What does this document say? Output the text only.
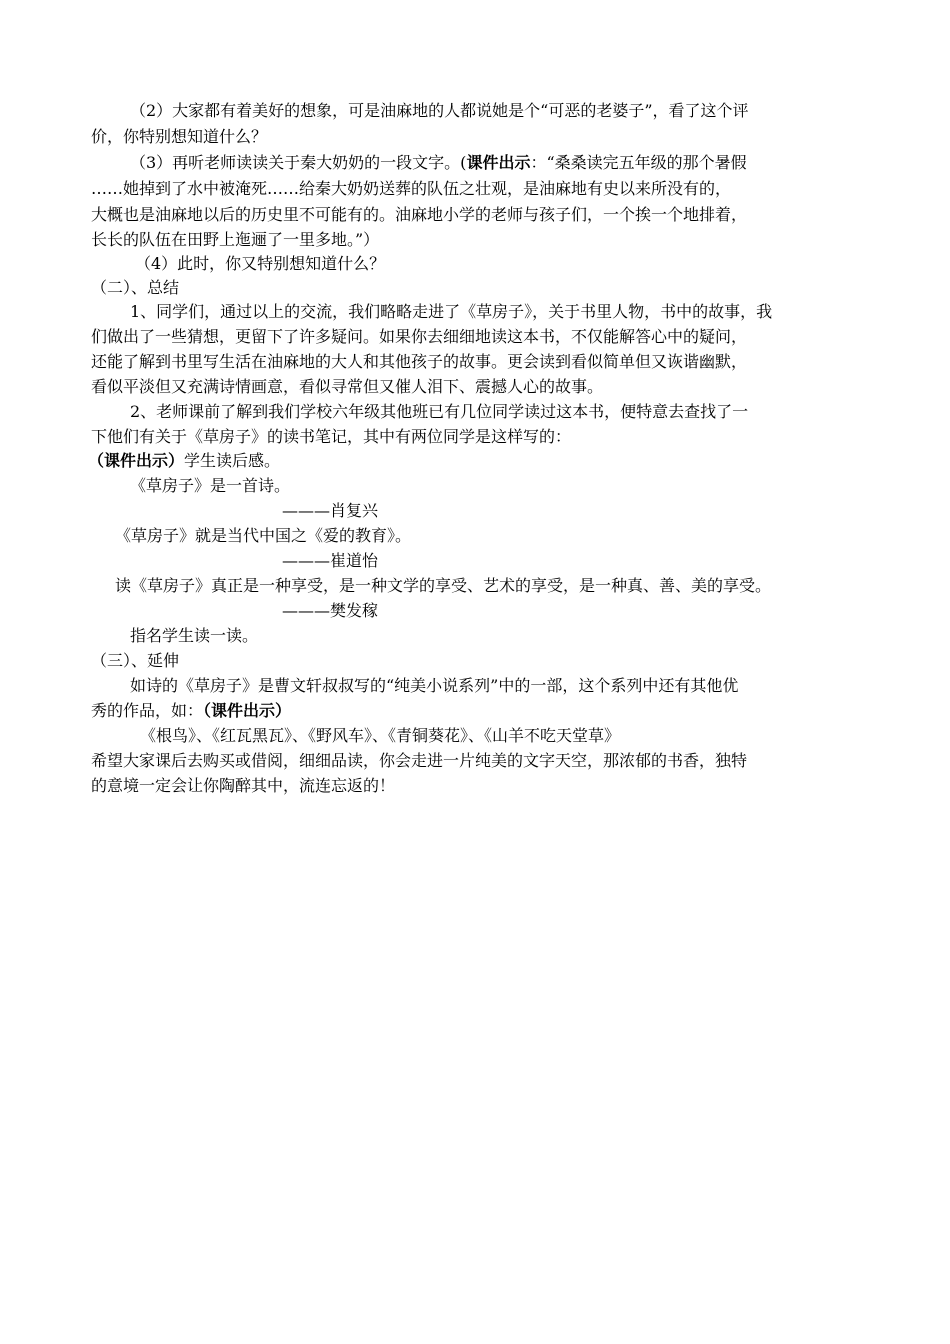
（2）大家都有着美好的想象，可是油麻地的人都说她是个“可恶的老婆子”，看了这个评
价，你特别想知道什么？
（3）再听老师读读关于秦大奶奶的一段文字。(课件出示：“桑桑读完五年级的那个暑假
……她掉到了水中被淹死……给秦大奶奶送葬的队伍之壮观，是油麻地有史以来所没有的，
大概也是油麻地以后的历史里不可能有的。油麻地小学的老师与孩子们，一个挨一个地排着，
长长的队伍在田野上迤逦了一里多地。”）
（4）此时，你又特别想知道什么？
（二）、总结
1、同学们，通过以上的交流，我们略略走进了《草房子》，关于书里人物，书中的故事，我
们做出了一些猜想，更留下了许多疑问。如果你去细细地读这本书，不仅能解答心中的疑问，
还能了解到书里写生活在油麻地的大人和其他孩子的故事。更会读到看似简单但又诙谐幽默，
看似平淡但又充满诗情画意，看似寻常但又催人泪下、震撼人心的故事。
2、老师课前了解到我们学校六年级其他班已有几位同学读过这本书，便特意去查找了一
下他们有关于《草房子》的读书笔记，其中有两位同学是这样写的：
（课件出示）学生读后感。
《草房子》是一首诗。
———肖复兴
《草房子》就是当代中国之《爱的教育》。
———崔道怡
读《草房子》真正是一种享受，是一种文学的享受、艺术的享受，是一种真、善、美的享受。
———樊发稼
指名学生读一读。
（三）、延伸
如诗的《草房子》是曹文轩叔叔写的“纯美小说系列”中的一部，这个系列中还有其他优
秀的作品，如：（课件出示）
《根鸟》、《红瓦黑瓦》、《野风车》、《青铜葵花》、《山羊不吃天堂草》
希望大家课后去购买或借阅，细细品读，你会走进一片纯美的文字天空，那浓郁的书香，独特
的意境一定会让你陶醉其中，流连忘返的！
